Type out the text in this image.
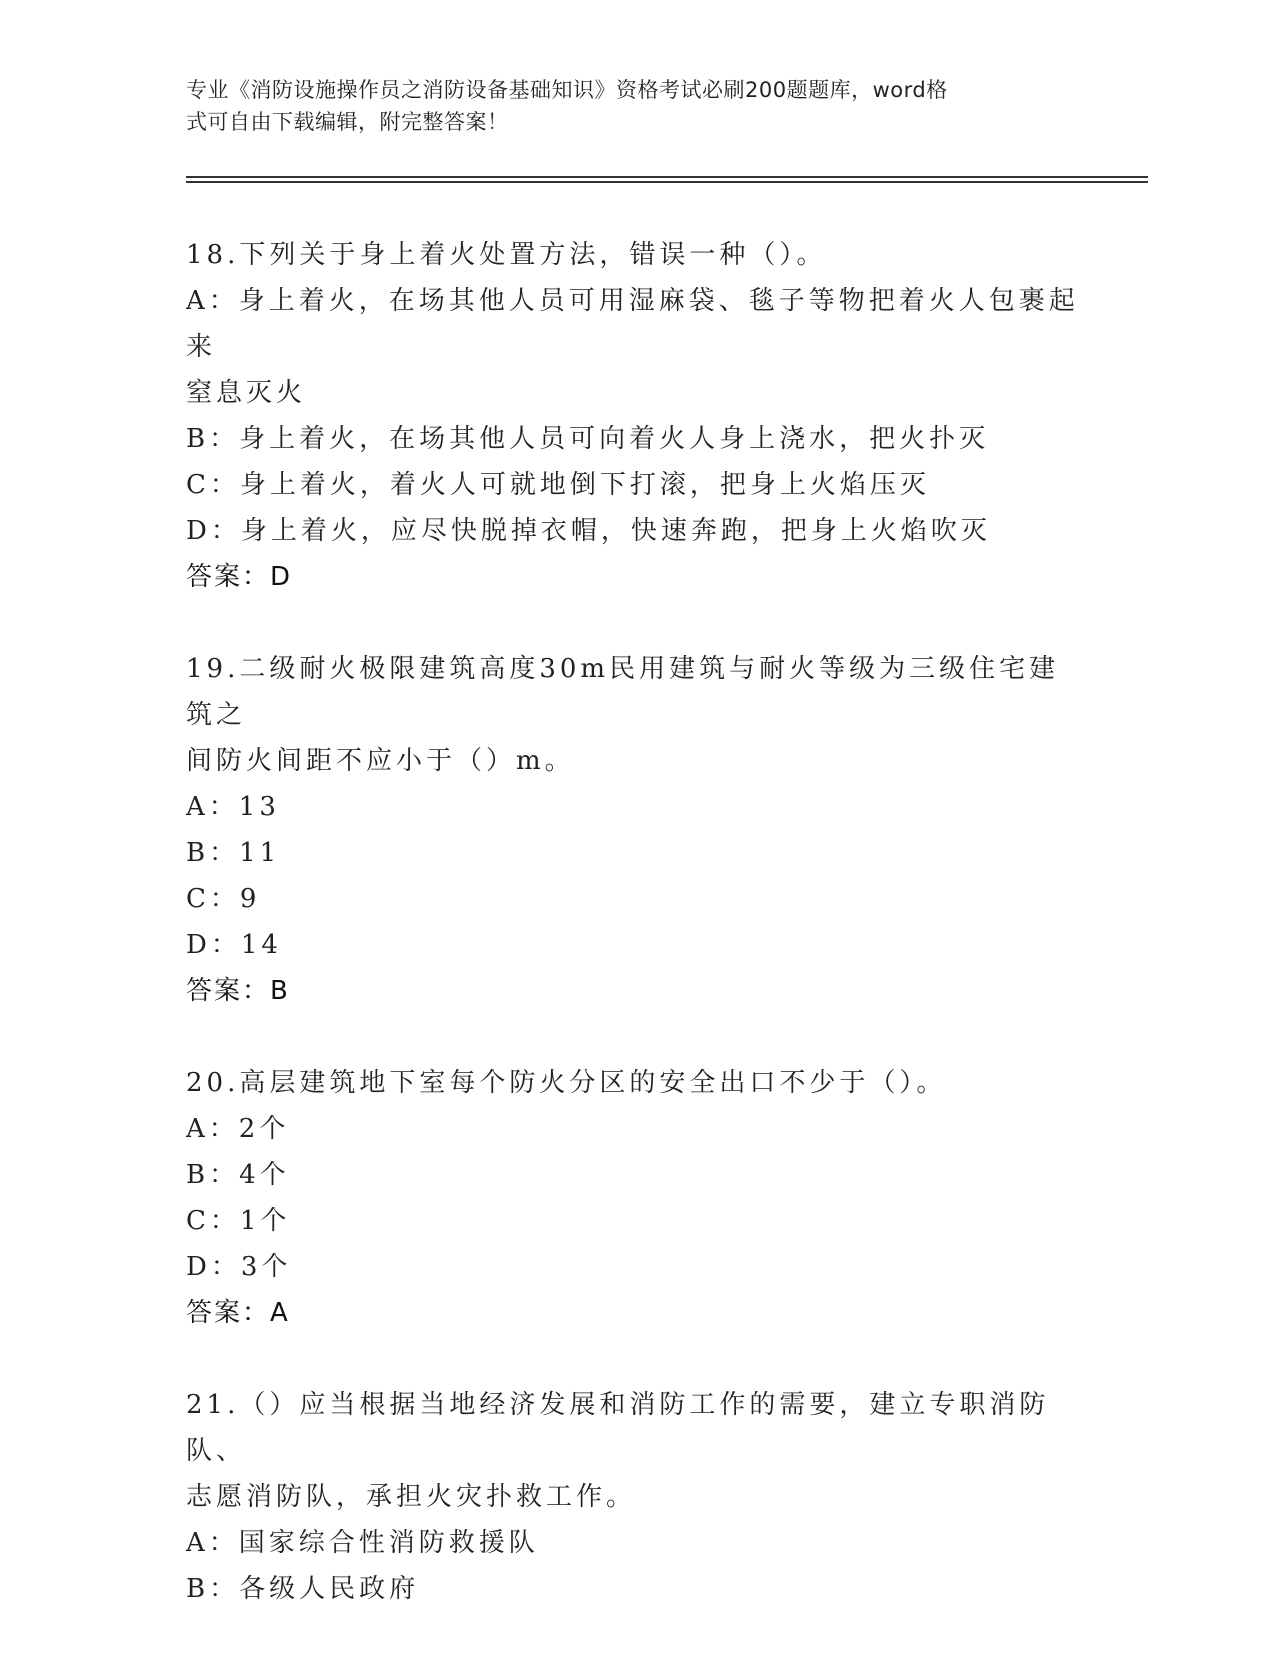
专业《消防设施操作员之消防设备基础知识》资格考试必刷200题题库，word格
式可自由下载编辑，附完整答案！
18.下列关于身上着火处置方法，错误一种（）。
A：身上着火，在场其他人员可用湿麻袋、毯子等物把着火人包裹起来
窒息灭火
B：身上着火，在场其他人员可向着火人身上浇水，把火扑灭
C：身上着火，着火人可就地倒下打滚，把身上火焰压灭
D：身上着火，应尽快脱掉衣帽，快速奔跑，把身上火焰吹灭
答案：D
19.二级耐火极限建筑高度30m民用建筑与耐火等级为三级住宅建筑之
间防火间距不应小于（）m。
A：13
B：11
C：9
D：14
答案：B
20.高层建筑地下室每个防火分区的安全出口不少于（）。
A：2个
B：4个
C：1个
D：3个
答案：A
21.（）应当根据当地经济发展和消防工作的需要，建立专职消防队、
志愿消防队，承担火灾扑救工作。
A：国家综合性消防救援队
B：各级人民政府
